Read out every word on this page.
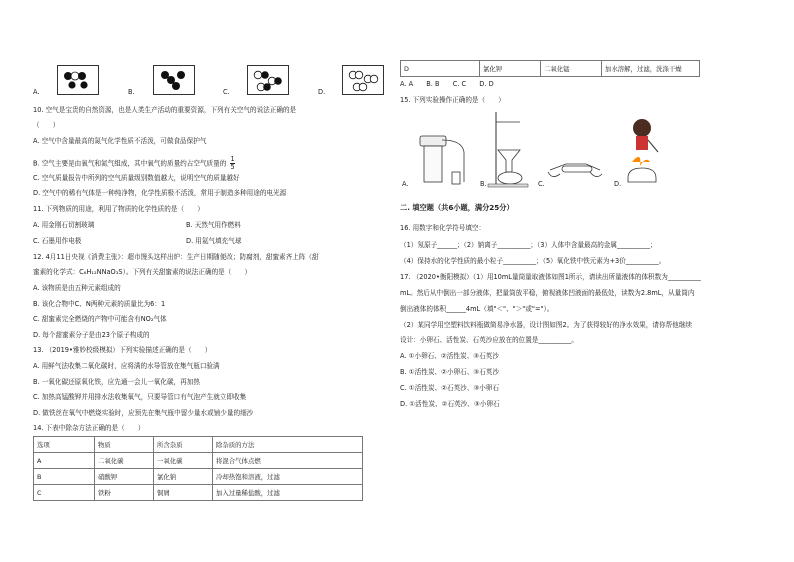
A.	B.	C.	D.
10. 空气是宝贵的自然资源，也是人类生产活动的重要资源，下列有关空气的说法正确的是
（　　）
A. 空气中含量最高的氮气化学性质不活泼，可做食品保护气
B. 空气主要是由氧气和氮气组成，其中氧气的质量约占空气质量的 $\frac{1}{5}$
C. 空气质量报告中所列的空气质量级别数值越大，说明空气的质量越好
D. 空气中的稀有气体是一种纯净物，化学性质极不活泼，常用于制造多种用途的电光源
11. 下列物质的用途，利用了物质的化学性质的是（　　）
A. 用金刚石切割玻璃	B. 天然气用作燃料
C. 石墨用作电极	D. 用氦气填充气球
12. 4月11日央视《消费主张》：超市馒头这样出炉：生产日期随便改；防腐剂，甜蜜素齐上阵（甜
蜜素的化学式：C₆H₁₂NNaO₃S）。下列有关甜蜜素的说法正确的是（　　）
A. 该物质是由五种元素组成的
B. 该化合物中C、N两种元素的质量比为6：1
C. 甜蜜素完全燃烧的产物中可能含有NO₂气体
D. 每个甜蜜素分子是由23个原子构成的
13. （2019•雅妙校级模拟）下列实验描述正确的是（　　）
A. 用鲜气法收集二氧化碳时，应将满的水导管放在集气瓶口验满
B. 一氧化碳还原氧化铁，应先通一会儿一氧化碳，再加热
C. 加热高锰酸钾并用排水法收集氧气，只要导管口有气泡产生就立即收集
D. 做铁丝在氧气中燃烧实验时，应预先在集气瓶中留少量水或铺少量的细沙
14. 下表中除杂方法正确的是（　　）
选项	物质	所含杂质	除杂质的方法
A	二氧化碳	一氧化碳	将混合气体点燃
B	硝酸钾	氯化钠	冷却热饱和溶液，过滤
C	铁粉	铜屑	加入过量稀盐酸，过滤
D	氯化钾	二氧化锰	加水溶解，过滤，洗涤干燥
A. A　　B. B　　C. C　　D. D
15. 下列实验操作正确的是（　　）
A.	B.	C.	D.
二. 填空题（共6小题，满分25分）
16. 用数字和化学符号填空：
（1）氖原子______；（2）钠离子__________；（3）人体中含量最高的金属__________；
（4）保持水的化学性质的最小粒子__________；（5）氧化铁中铁元素为+3价__________。
17. （2020•衡阳模拟）（1）用10mL量筒量取液体如图1所示，请读出所量液体的体积数为__________
mL。然后从中倒出一部分液体，把量筒放平稳，俯视液体凹液面的最低处，读数为2.8mL，从量筒内
倒出液体的体积______4mL（填"＜"、"＞"或"="）。
（2）某同学用空塑料饮料瓶做简易净水器，设计图如图2。为了获得较好的净水效果，请你帮他继续
设计：小卵石、活性炭、石英沙应放在的位置是__________。
A. ①小卵石、②活性炭、③石英沙
B. ①活性炭、②小卵石、③石英沙
C. ①活性炭、②石英沙、③小卵石
D. ①活性炭、②石英沙、③小卵石
